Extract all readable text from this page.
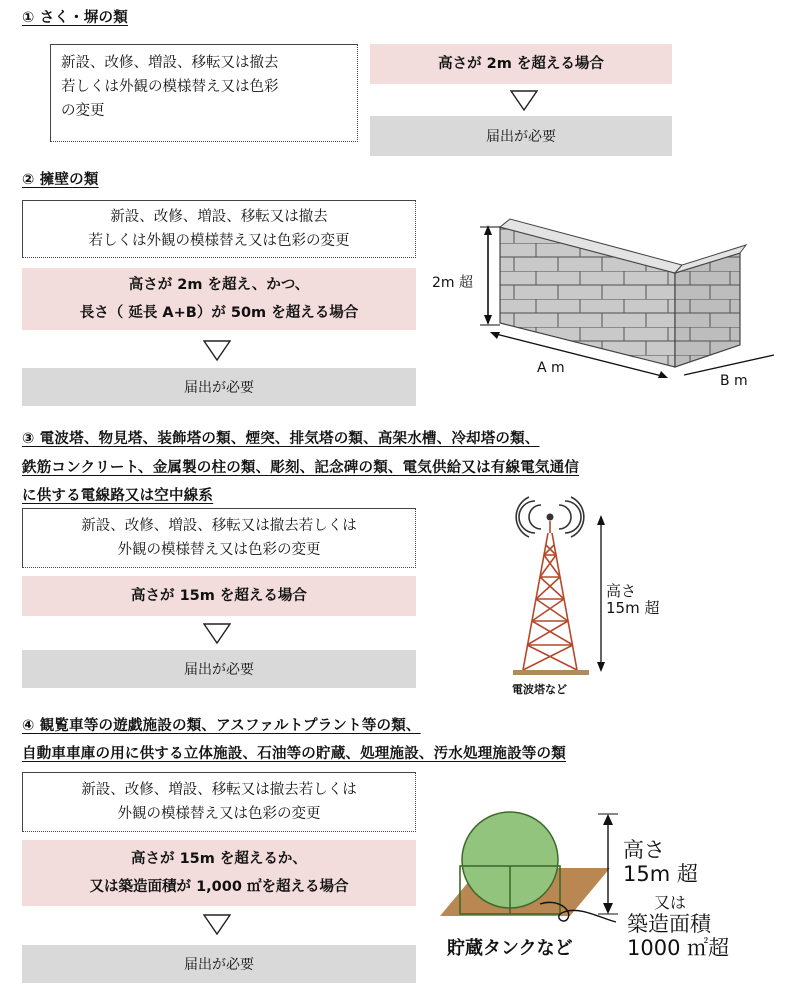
① さく・塀の類
新設、改修、増設、移転又は撤去
若しくは外観の模様替え又は色彩
の変更
高さが 2m を超える場合
届出が必要
② 擁壁の類
新設、改修、増設、移転又は撤去
若しくは外観の模様替え又は色彩の変更
高さが 2m を超え、かつ、
長さ（ 延長 A+B）が 50m を超える場合
届出が必要
2m 超
A m
B m
③ 電波塔、物見塔、装飾塔の類、煙突、排気塔の類、高架水槽、冷却塔の類、
鉄筋コンクリート、金属製の柱の類、彫刻、記念碑の類、電気供給又は有線電気通信
に供する電線路又は空中線系
新設、改修、増設、移転又は撤去若しくは
外観の模様替え又は色彩の変更
高さが 15m を超える場合
届出が必要
高さ
15m 超
電波塔など
④ 観覧車等の遊戯施設の類、アスファルトプラント等の類、
自動車車庫の用に供する立体施設、石油等の貯蔵、処理施設、汚水処理施設等の類
新設、改修、増設、移転又は撤去若しくは
外観の模様替え又は色彩の変更
高さが 15m を超えるか、
又は築造面積が 1,000 ㎡を超える場合
届出が必要
高さ
15m 超
又は
築造面積
1000 ㎡超
貯蔵タンクなど
